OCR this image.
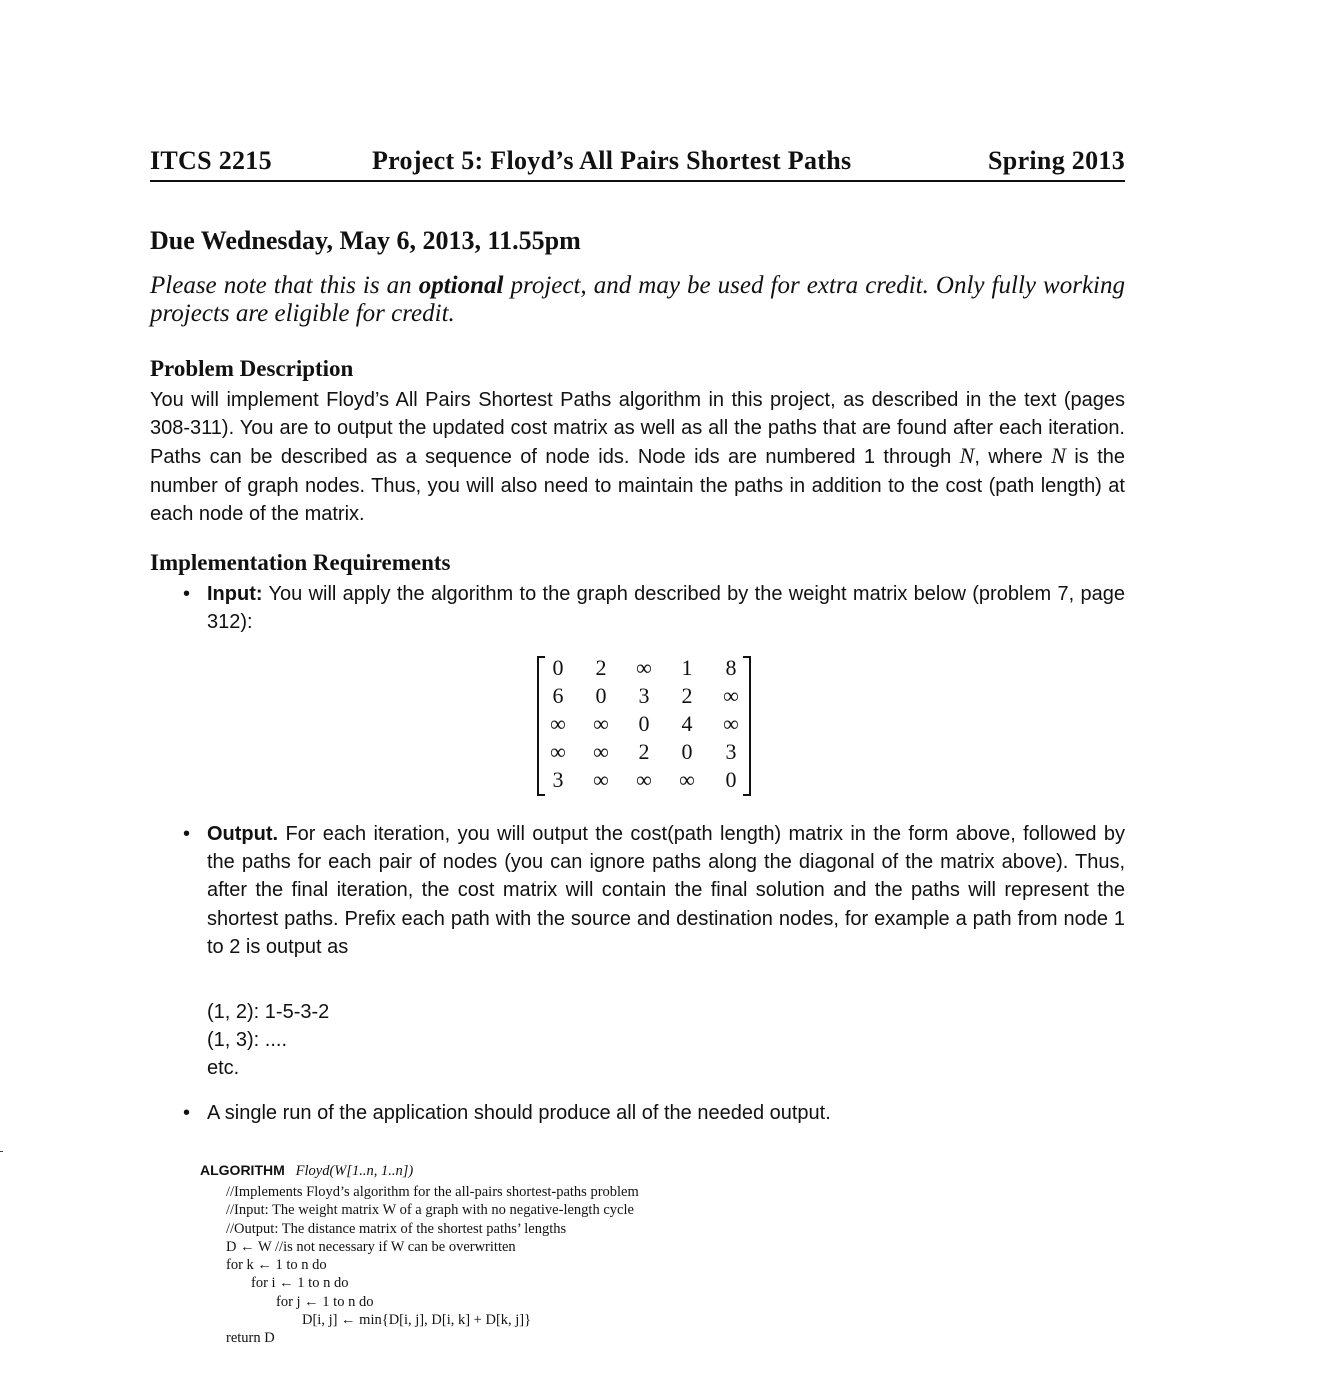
ITCS 2215	Project 5: Floyd’s All Pairs Shortest Paths	Spring 2013
Due Wednesday, May 6, 2013, 11.55pm
Please note that this is an optional project, and may be used for extra credit. Only fully working projects are eligible for credit.
Problem Description
You will implement Floyd’s All Pairs Shortest Paths algorithm in this project, as described in the text (pages 308-311). You are to output the updated cost matrix as well as all the paths that are found after each iteration. Paths can be described as a sequence of node ids. Node ids are numbered 1 through N, where N is the number of graph nodes. Thus, you will also need to maintain the paths in addition to the cost (path length) at each node of the matrix.
Implementation Requirements
• Input: You will apply the algorithm to the graph described by the weight matrix below (problem 7, page 312):
0	2	∞	1	8
6	0	3	2	∞
∞	∞	0	4	∞
∞	∞	2	0	3
3	∞	∞	∞	0
• Output. For each iteration, you will output the cost(path length) matrix in the form above, followed by the paths for each pair of nodes (you can ignore paths along the diagonal of the matrix above). Thus, after the final iteration, the cost matrix will contain the final solution and the paths will represent the shortest paths. Prefix each path with the source and destination nodes, for example a path from node 1 to 2 is output as
(1, 2): 1-5-3-2
(1, 3): ....
etc.
• A single run of the application should produce all of the needed output.
ALGORITHM Floyd(W[1..n, 1..n])
//Implements Floyd’s algorithm for the all-pairs shortest-paths problem
//Input: The weight matrix W of a graph with no negative-length cycle
//Output: The distance matrix of the shortest paths’ lengths
D ← W //is not necessary if W can be overwritten
for k ← 1 to n do
for i ← 1 to n do
for j ← 1 to n do
D[i, j] ← min{D[i, j], D[i, k] + D[k, j]}
return D
